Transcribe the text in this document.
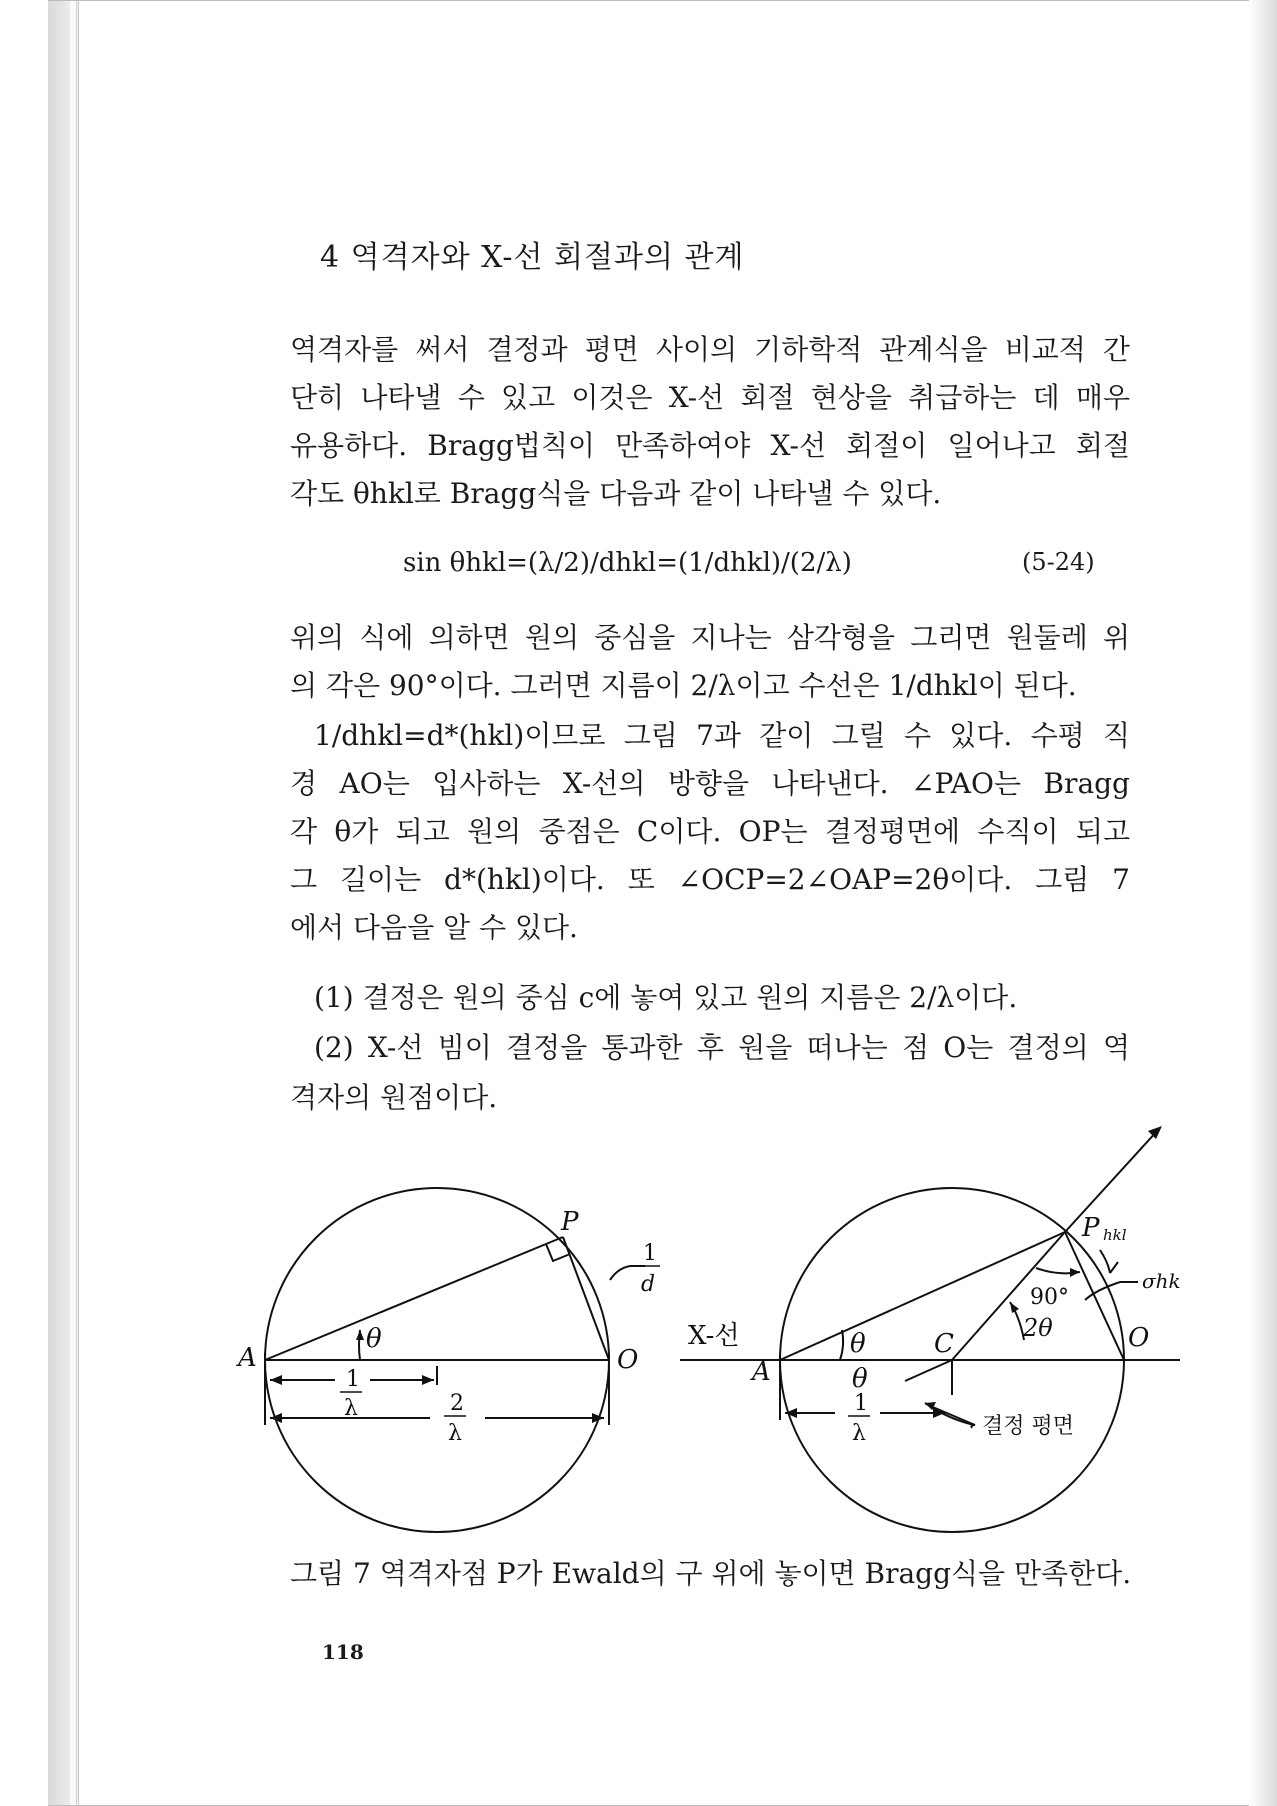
4 역격자와 X-선 회절과의 관계
역격자를 써서 결정과 평면 사이의 기하학적 관계식을 비교적 간
단히 나타낼 수 있고 이것은 X-선 회절 현상을 취급하는 데 매우
유용하다. Bragg법칙이 만족하여야 X-선 회절이 일어나고 회절
각도 θhkl로 Bragg식을 다음과 같이 나타낼 수 있다.
sin θhkl=(λ/2)/dhkl=(1/dhkl)/(2/λ)	(5-24)
위의 식에 의하면 원의 중심을 지나는 삼각형을 그리면 원둘레 위
의 각은 90°이다. 그러면 지름이 2/λ이고 수선은 1/dhkl이 된다.
1/dhkl=d*(hkl)이므로 그림 7과 같이 그릴 수 있다. 수평 직
경 AO는 입사하는 X-선의 방향을 나타낸다. ∠PAO는 Bragg
각 θ가 되고 원의 중점은 C이다. OP는 결정평면에 수직이 되고
그 길이는 d*(hkl)이다. 또 ∠OCP=2∠OAP=2θ이다. 그림 7
에서 다음을 알 수 있다.
(1) 결정은 원의 중심 c에 놓여 있고 원의 지름은 2/λ이다.
(2) X-선 빔이 결정을 통과한 후 원을 떠나는 점 O는 결정의 역
격자의 원점이다.
A	O
P
θ
1
d
1
λ	2
λ
X-선
A
O
C
P hkl
θ
θ
90°
2θ
σhk
1
λ	결정 평면
그림 7 역격자점 P가 Ewald의 구 위에 놓이면 Bragg식을 만족한다.
118
